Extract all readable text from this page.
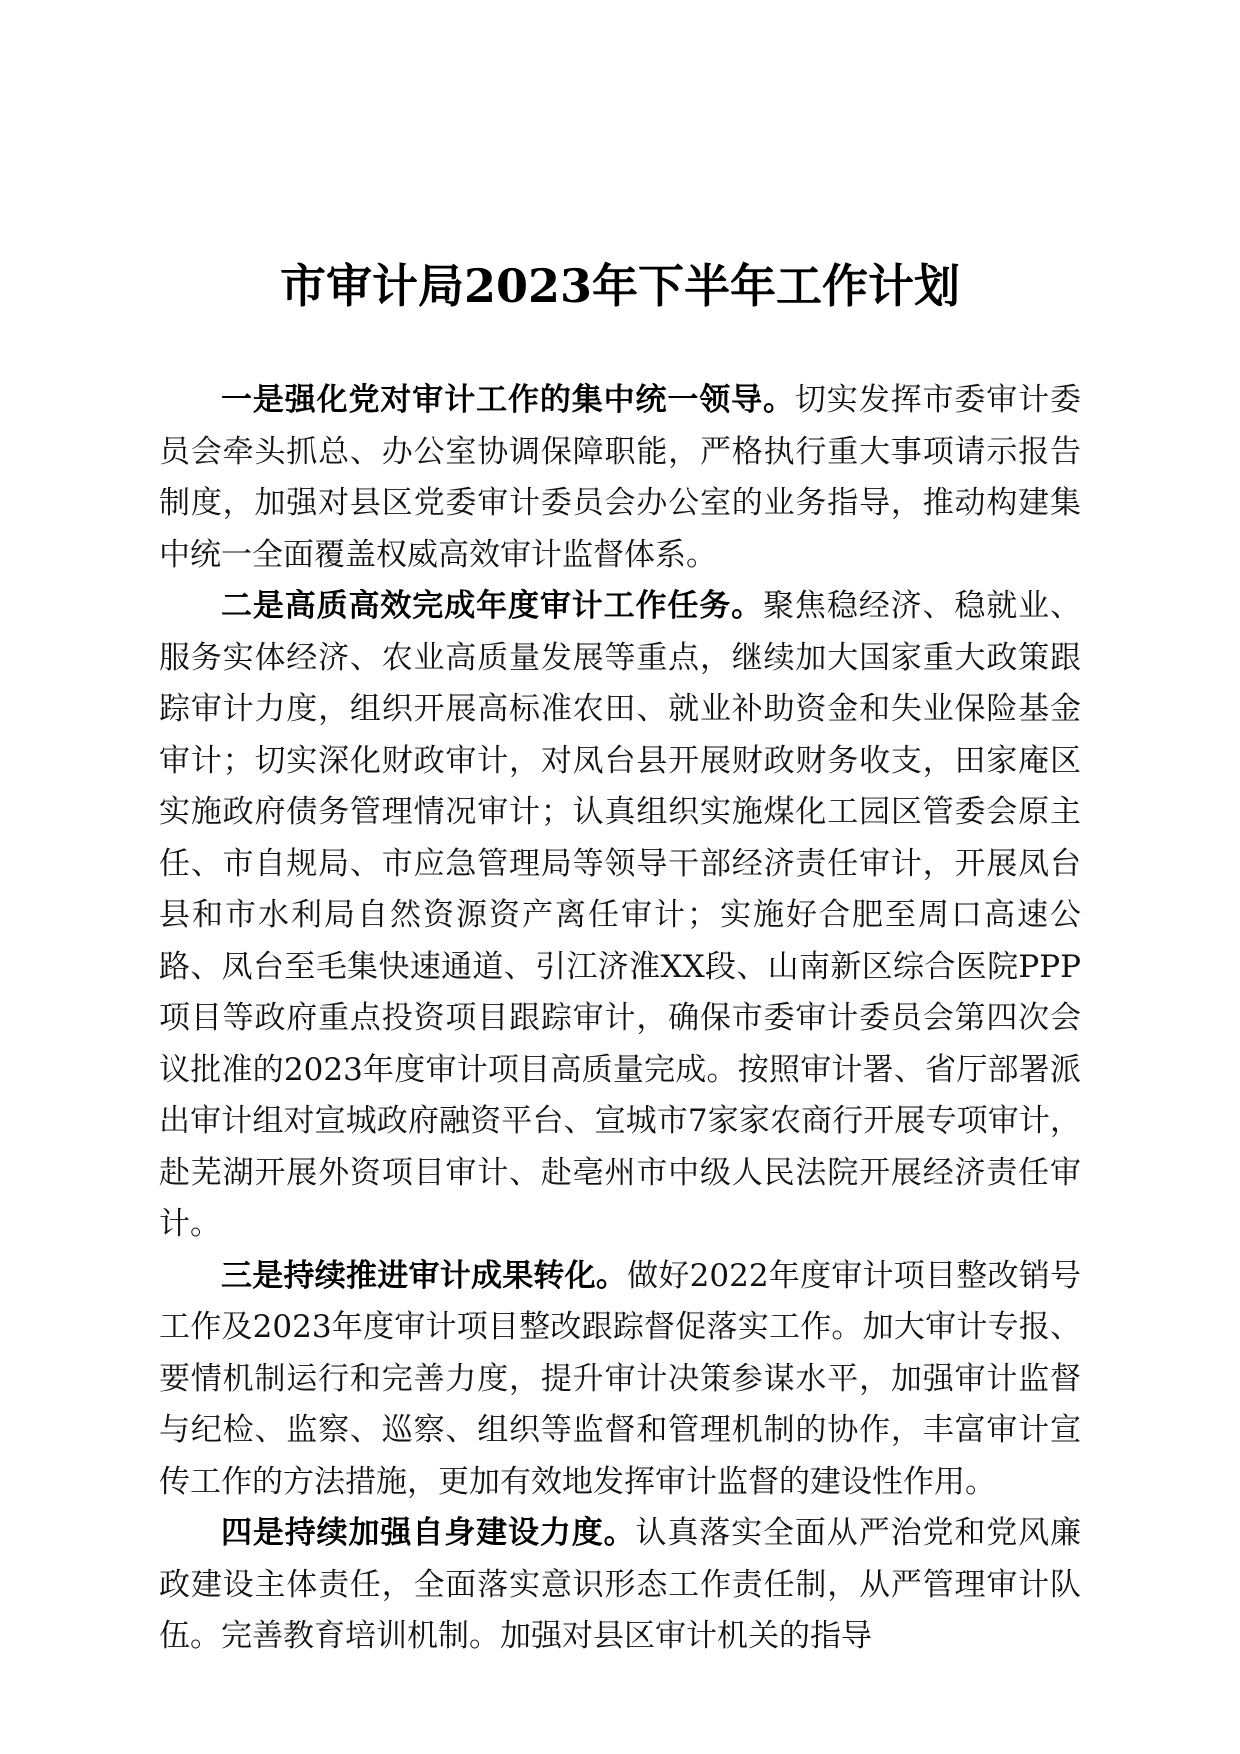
市审计局2023年下半年工作计划

一是强化党对审计工作的集中统一领导。切实发挥市委审计委员会牵头抓总、办公室协调保障职能，严格执行重大事项请示报告制度，加强对县区党委审计委员会办公室的业务指导，推动构建集中统一全面覆盖权威高效审计监督体系。

二是高质高效完成年度审计工作任务。聚焦稳经济、稳就业、服务实体经济、农业高质量发展等重点，继续加大国家重大政策跟踪审计力度，组织开展高标准农田、就业补助资金和失业保险基金审计；切实深化财政审计，对凤台县开展财政财务收支，田家庵区实施政府债务管理情况审计；认真组织实施煤化工园区管委会原主任、市自规局、市应急管理局等领导干部经济责任审计，开展凤台县和市水利局自然资源资产离任审计；实施好合肥至周口高速公路、凤台至毛集快速通道、引江济淮XX段、山南新区综合医院PPP项目等政府重点投资项目跟踪审计，确保市委审计委员会第四次会议批准的2023年度审计项目高质量完成。按照审计署、省厅部署派出审计组对宣城政府融资平台、宣城市7家家农商行开展专项审计，赴芜湖开展外资项目审计、赴亳州市中级人民法院开展经济责任审计。

三是持续推进审计成果转化。做好2022年度审计项目整改销号工作及2023年度审计项目整改跟踪督促落实工作。加大审计专报、要情机制运行和完善力度，提升审计决策参谋水平，加强审计监督与纪检、监察、巡察、组织等监督和管理机制的协作，丰富审计宣传工作的方法措施，更加有效地发挥审计监督的建设性作用。

四是持续加强自身建设力度。认真落实全面从严治党和党风廉政建设主体责任，全面落实意识形态工作责任制，从严管理审计队伍。完善教育培训机制。加强对县区审计机关的指导
